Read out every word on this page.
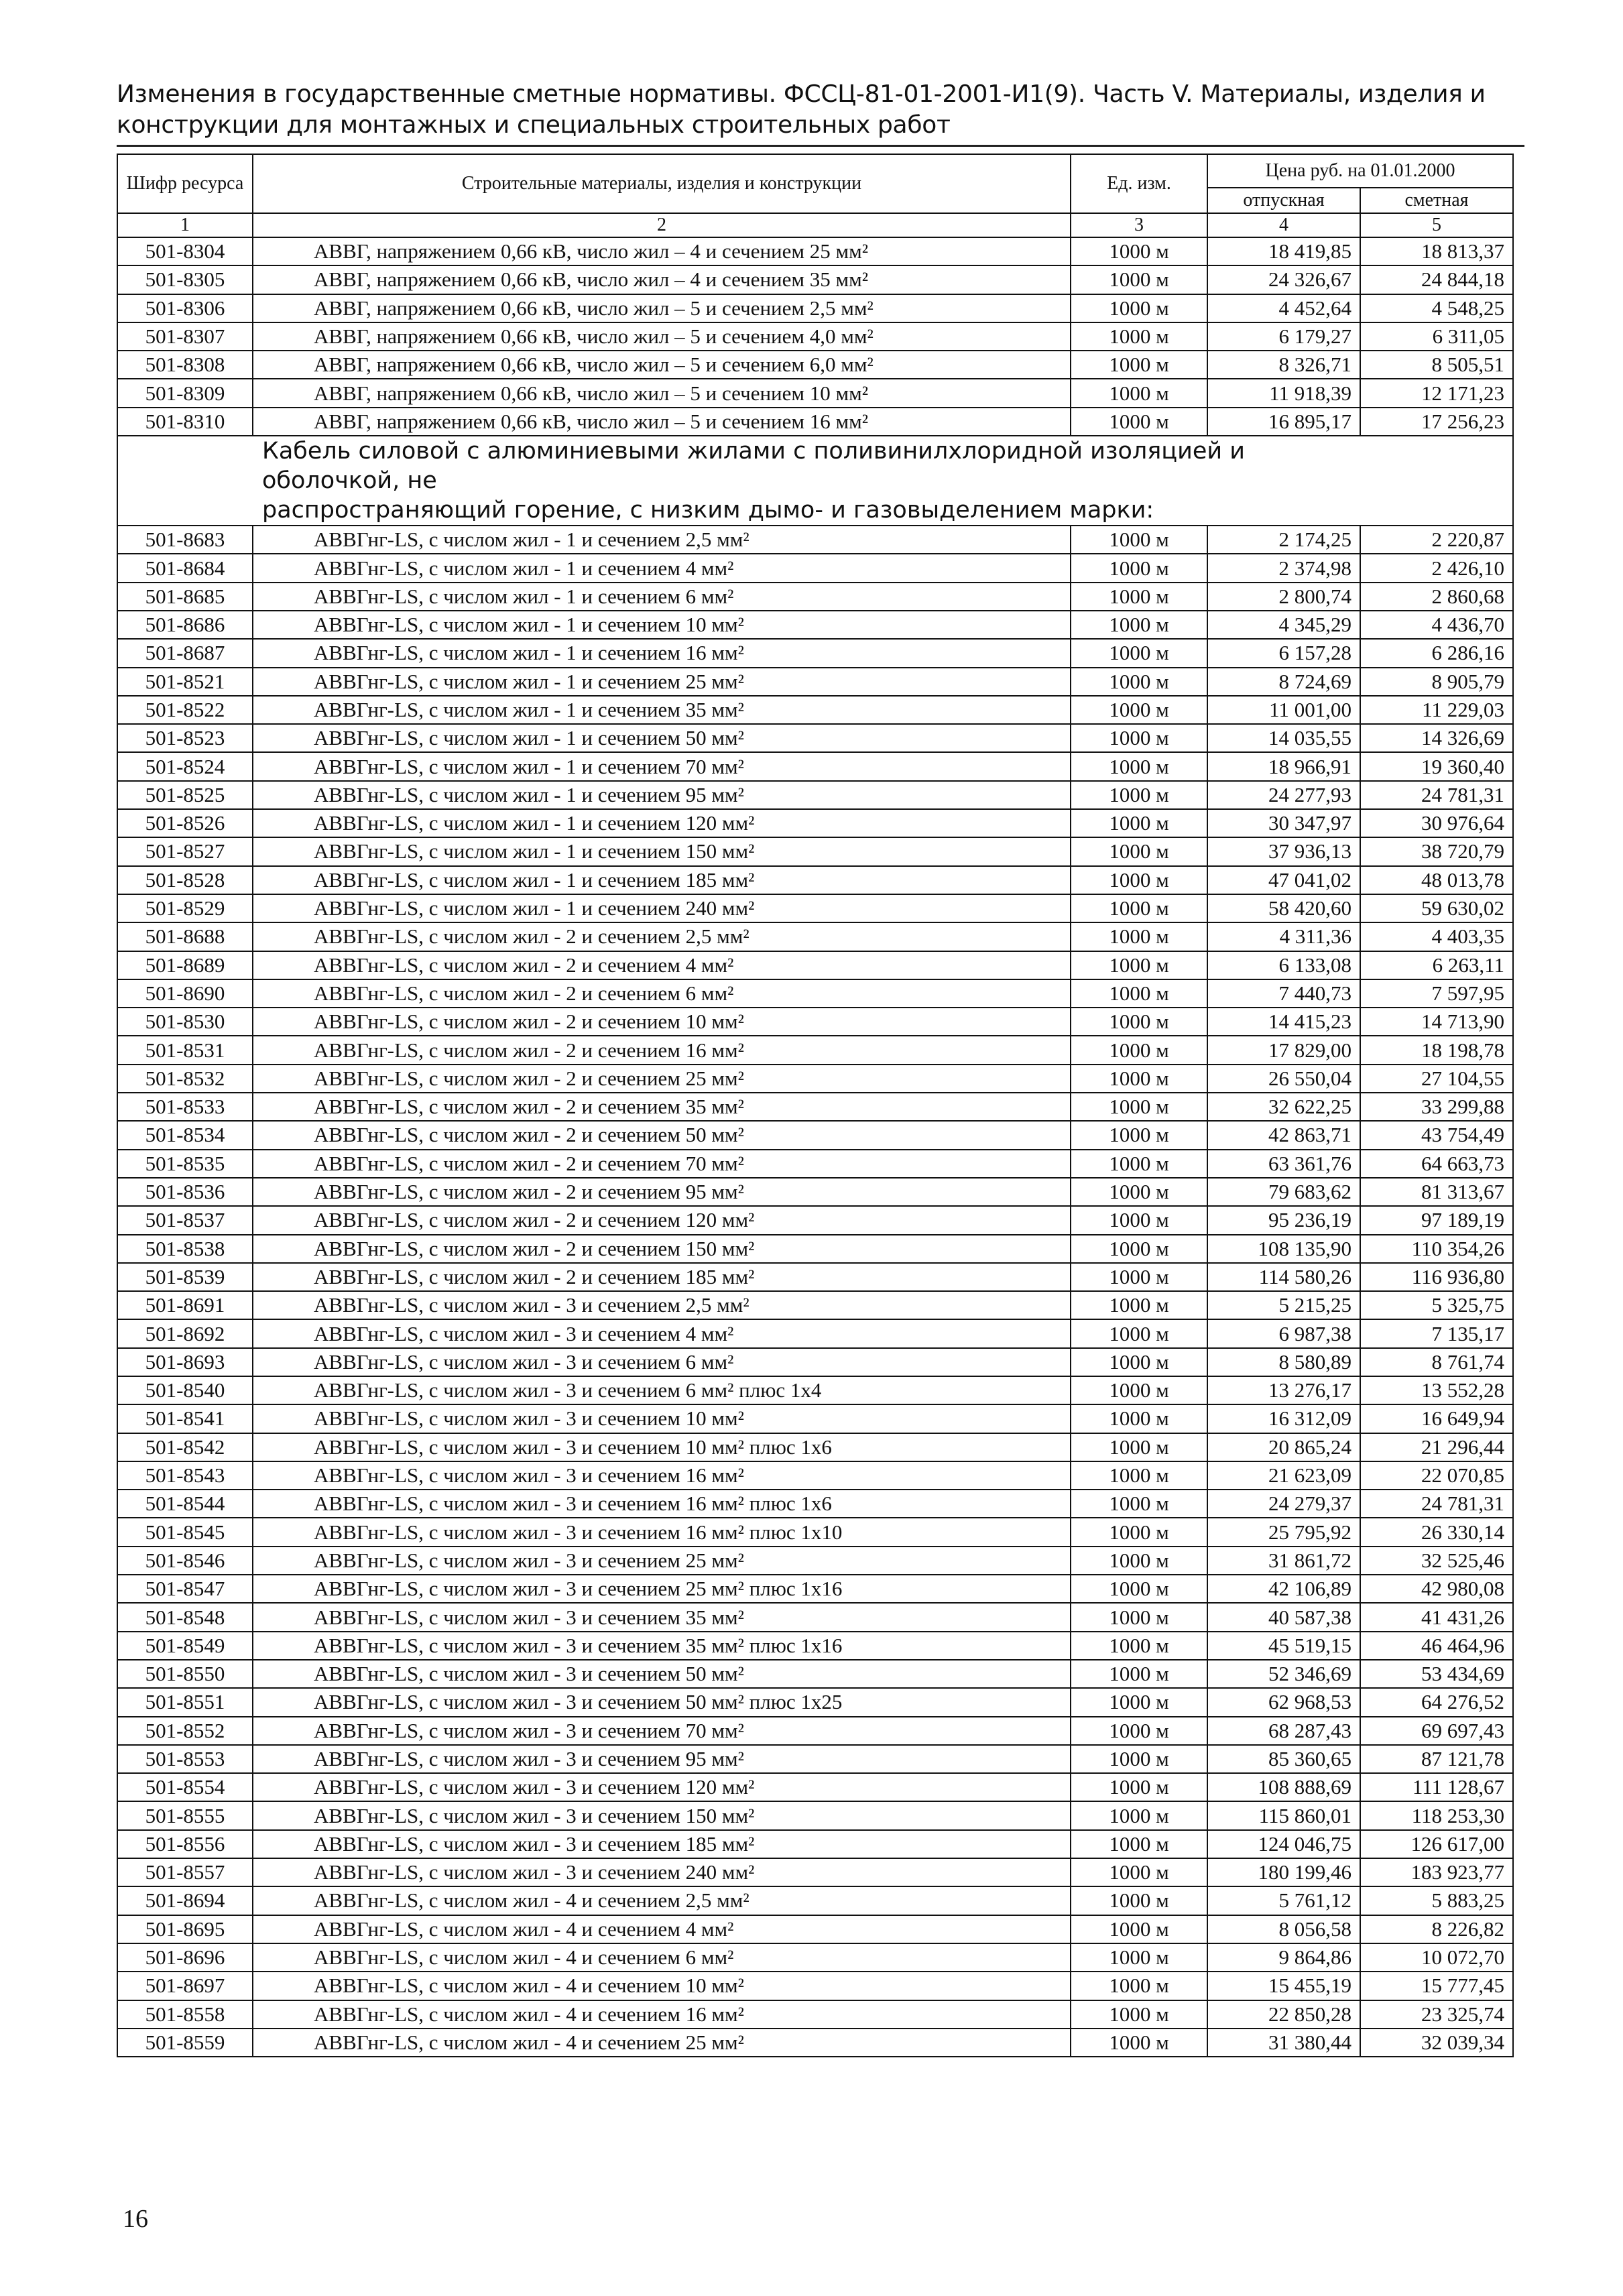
Изменения в государственные сметные нормативы. ФССЦ-81-01-2001-И1(9). Часть V. Материалы, изделия и
конструкции для монтажных и специальных строительных работ
Шифр ресурса	Строительные материалы, изделия и конструкции	Ед. изм.	Цена руб. на 01.01.2000	
			отпускная	сметная
1	2	3	4	5
501-8304	АВВГ, напряжением 0,66 кВ, число жил – 4 и сечением 25 мм²	1000 м	18 419,85	18 813,37
501-8305	АВВГ, напряжением 0,66 кВ, число жил – 4 и сечением 35 мм²	1000 м	24 326,67	24 844,18
501-8306	АВВГ, напряжением 0,66 кВ, число жил – 5 и сечением 2,5 мм²	1000 м	4 452,64	4 548,25
501-8307	АВВГ, напряжением 0,66 кВ, число жил – 5 и сечением 4,0 мм²	1000 м	6 179,27	6 311,05
501-8308	АВВГ, напряжением 0,66 кВ, число жил – 5 и сечением 6,0 мм²	1000 м	8 326,71	8 505,51
501-8309	АВВГ, напряжением 0,66 кВ, число жил – 5 и сечением 10 мм²	1000 м	11 918,39	12 171,23
501-8310	АВВГ, напряжением 0,66 кВ, число жил – 5 и сечением 16 мм²	1000 м	16 895,17	17 256,23

Кабель силовой с алюминиевыми жилами с поливинилхлоридной изоляцией и оболочкой, не
распространяющий горение, с низким дымо- и газовыделением марки:				

501-8683	АВВГнг-LS, с числом жил - 1 и сечением 2,5 мм²	1000 м	2 174,25	2 220,87
501-8684	АВВГнг-LS, с числом жил - 1 и сечением 4 мм²	1000 м	2 374,98	2 426,10
501-8685	АВВГнг-LS, с числом жил - 1 и сечением 6 мм²	1000 м	2 800,74	2 860,68
501-8686	АВВГнг-LS, с числом жил - 1 и сечением 10 мм²	1000 м	4 345,29	4 436,70
501-8687	АВВГнг-LS, с числом жил - 1 и сечением 16 мм²	1000 м	6 157,28	6 286,16
501-8521	АВВГнг-LS, с числом жил - 1 и сечением 25 мм²	1000 м	8 724,69	8 905,79
501-8522	АВВГнг-LS, с числом жил - 1 и сечением 35 мм²	1000 м	11 001,00	11 229,03
501-8523	АВВГнг-LS, с числом жил - 1 и сечением 50 мм²	1000 м	14 035,55	14 326,69
501-8524	АВВГнг-LS, с числом жил - 1 и сечением 70 мм²	1000 м	18 966,91	19 360,40
501-8525	АВВГнг-LS, с числом жил - 1 и сечением 95 мм²	1000 м	24 277,93	24 781,31
501-8526	АВВГнг-LS, с числом жил - 1 и сечением 120 мм²	1000 м	30 347,97	30 976,64
501-8527	АВВГнг-LS, с числом жил - 1 и сечением 150 мм²	1000 м	37 936,13	38 720,79
501-8528	АВВГнг-LS, с числом жил - 1 и сечением 185 мм²	1000 м	47 041,02	48 013,78
501-8529	АВВГнг-LS, с числом жил - 1 и сечением 240 мм²	1000 м	58 420,60	59 630,02
501-8688	АВВГнг-LS, с числом жил - 2 и сечением 2,5 мм²	1000 м	4 311,36	4 403,35
501-8689	АВВГнг-LS, с числом жил - 2 и сечением 4 мм²	1000 м	6 133,08	6 263,11
501-8690	АВВГнг-LS, с числом жил - 2 и сечением 6 мм²	1000 м	7 440,73	7 597,95
501-8530	АВВГнг-LS, с числом жил - 2 и сечением 10 мм²	1000 м	14 415,23	14 713,90
501-8531	АВВГнг-LS, с числом жил - 2 и сечением 16 мм²	1000 м	17 829,00	18 198,78
501-8532	АВВГнг-LS, с числом жил - 2 и сечением 25 мм²	1000 м	26 550,04	27 104,55
501-8533	АВВГнг-LS, с числом жил - 2 и сечением 35 мм²	1000 м	32 622,25	33 299,88
501-8534	АВВГнг-LS, с числом жил - 2 и сечением 50 мм²	1000 м	42 863,71	43 754,49
501-8535	АВВГнг-LS, с числом жил - 2 и сечением 70 мм²	1000 м	63 361,76	64 663,73
501-8536	АВВГнг-LS, с числом жил - 2 и сечением 95 мм²	1000 м	79 683,62	81 313,67
501-8537	АВВГнг-LS, с числом жил - 2 и сечением 120 мм²	1000 м	95 236,19	97 189,19
501-8538	АВВГнг-LS, с числом жил - 2 и сечением 150 мм²	1000 м	108 135,90	110 354,26
501-8539	АВВГнг-LS, с числом жил - 2 и сечением 185 мм²	1000 м	114 580,26	116 936,80
501-8691	АВВГнг-LS, с числом жил - 3 и сечением 2,5 мм²	1000 м	5 215,25	5 325,75
501-8692	АВВГнг-LS, с числом жил - 3 и сечением 4 мм²	1000 м	6 987,38	7 135,17
501-8693	АВВГнг-LS, с числом жил - 3 и сечением 6 мм²	1000 м	8 580,89	8 761,74
501-8540	АВВГнг-LS, с числом жил - 3 и сечением 6 мм² плюс 1х4	1000 м	13 276,17	13 552,28
501-8541	АВВГнг-LS, с числом жил - 3 и сечением 10 мм²	1000 м	16 312,09	16 649,94
501-8542	АВВГнг-LS, с числом жил - 3 и сечением 10 мм² плюс 1х6	1000 м	20 865,24	21 296,44
501-8543	АВВГнг-LS, с числом жил - 3 и сечением 16 мм²	1000 м	21 623,09	22 070,85
501-8544	АВВГнг-LS, с числом жил - 3 и сечением 16 мм² плюс 1х6	1000 м	24 279,37	24 781,31
501-8545	АВВГнг-LS, с числом жил - 3 и сечением 16 мм² плюс 1х10	1000 м	25 795,92	26 330,14
501-8546	АВВГнг-LS, с числом жил - 3 и сечением 25 мм²	1000 м	31 861,72	32 525,46
501-8547	АВВГнг-LS, с числом жил - 3 и сечением 25 мм² плюс 1х16	1000 м	42 106,89	42 980,08
501-8548	АВВГнг-LS, с числом жил - 3 и сечением 35 мм²	1000 м	40 587,38	41 431,26
501-8549	АВВГнг-LS, с числом жил - 3 и сечением 35 мм² плюс 1х16	1000 м	45 519,15	46 464,96
501-8550	АВВГнг-LS, с числом жил - 3 и сечением 50 мм²	1000 м	52 346,69	53 434,69
501-8551	АВВГнг-LS, с числом жил - 3 и сечением 50 мм² плюс 1х25	1000 м	62 968,53	64 276,52
501-8552	АВВГнг-LS, с числом жил - 3 и сечением 70 мм²	1000 м	68 287,43	69 697,43
501-8553	АВВГнг-LS, с числом жил - 3 и сечением 95 мм²	1000 м	85 360,65	87 121,78
501-8554	АВВГнг-LS, с числом жил - 3 и сечением 120 мм²	1000 м	108 888,69	111 128,67
501-8555	АВВГнг-LS, с числом жил - 3 и сечением 150 мм²	1000 м	115 860,01	118 253,30
501-8556	АВВГнг-LS, с числом жил - 3 и сечением 185 мм²	1000 м	124 046,75	126 617,00
501-8557	АВВГнг-LS, с числом жил - 3 и сечением 240 мм²	1000 м	180 199,46	183 923,77
501-8694	АВВГнг-LS, с числом жил - 4 и сечением 2,5 мм²	1000 м	5 761,12	5 883,25
501-8695	АВВГнг-LS, с числом жил - 4 и сечением 4 мм²	1000 м	8 056,58	8 226,82
501-8696	АВВГнг-LS, с числом жил - 4 и сечением 6 мм²	1000 м	9 864,86	10 072,70
501-8697	АВВГнг-LS, с числом жил - 4 и сечением 10 мм²	1000 м	15 455,19	15 777,45
501-8558	АВВГнг-LS, с числом жил - 4 и сечением 16 мм²	1000 м	22 850,28	23 325,74
501-8559	АВВГнг-LS, с числом жил - 4 и сечением 25 мм²	1000 м	31 380,44	32 039,34
16
